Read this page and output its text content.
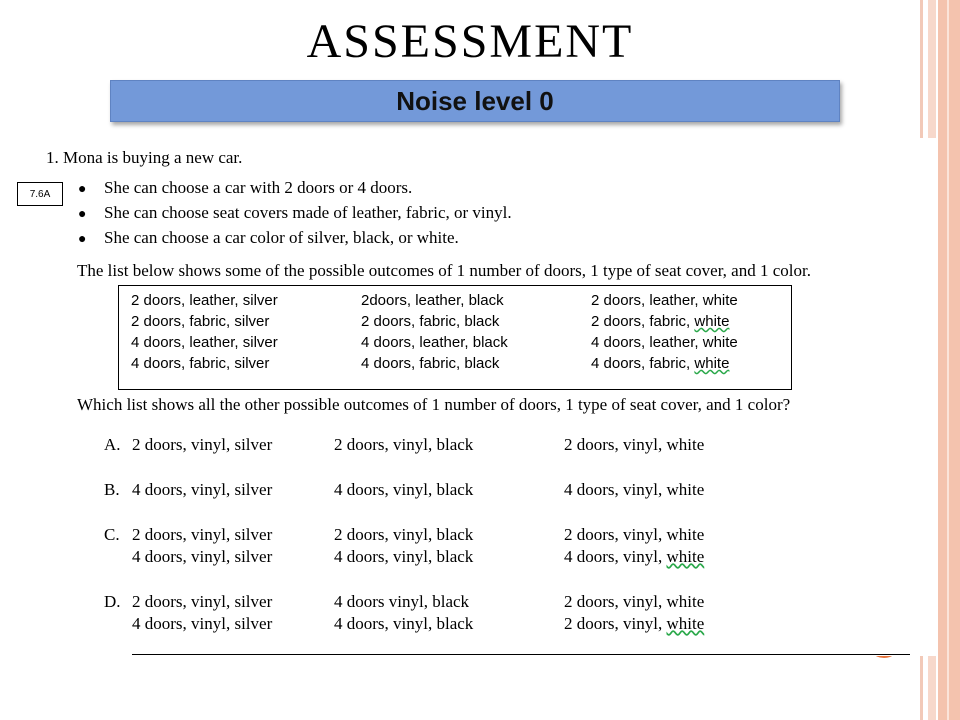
ASSESSMENT
Noise level 0
1. Mona is buying a new car.
7.6A	●	She can choose a car with 2 doors or 4 doors.
●	She can choose seat covers made of leather, fabric, or vinyl.
●	She can choose a car color of silver, black, or white.
The list below shows some of the possible outcomes of 1 number of doors, 1 type of seat cover, and 1 color.
2 doors, leather, silver	2doors, leather, black	2 doors, leather, white
2 doors, fabric, silver	2 doors, fabric, black	2 doors, fabric, white
4 doors, leather, silver	4 doors, leather, black	4 doors, leather, white
4 doors, fabric, silver	4 doors, fabric, black	4 doors, fabric, white
Which list shows all the other possible outcomes of 1 number of doors, 1 type of seat cover, and 1 color?
A. 2 doors, vinyl, silver	2 doors, vinyl, black	2 doors, vinyl, white
B. 4 doors, vinyl, silver	4 doors, vinyl, black	4 doors, vinyl, white
C. 2 doors, vinyl, silver	2 doors, vinyl, black	2 doors, vinyl, white
4 doors, vinyl, silver	4 doors, vinyl, black	4 doors, vinyl, white
D. 2 doors, vinyl, silver	4 doors vinyl, black	2 doors, vinyl, white
4 doors, vinyl, silver	4 doors, vinyl, black	2 doors, vinyl, white
